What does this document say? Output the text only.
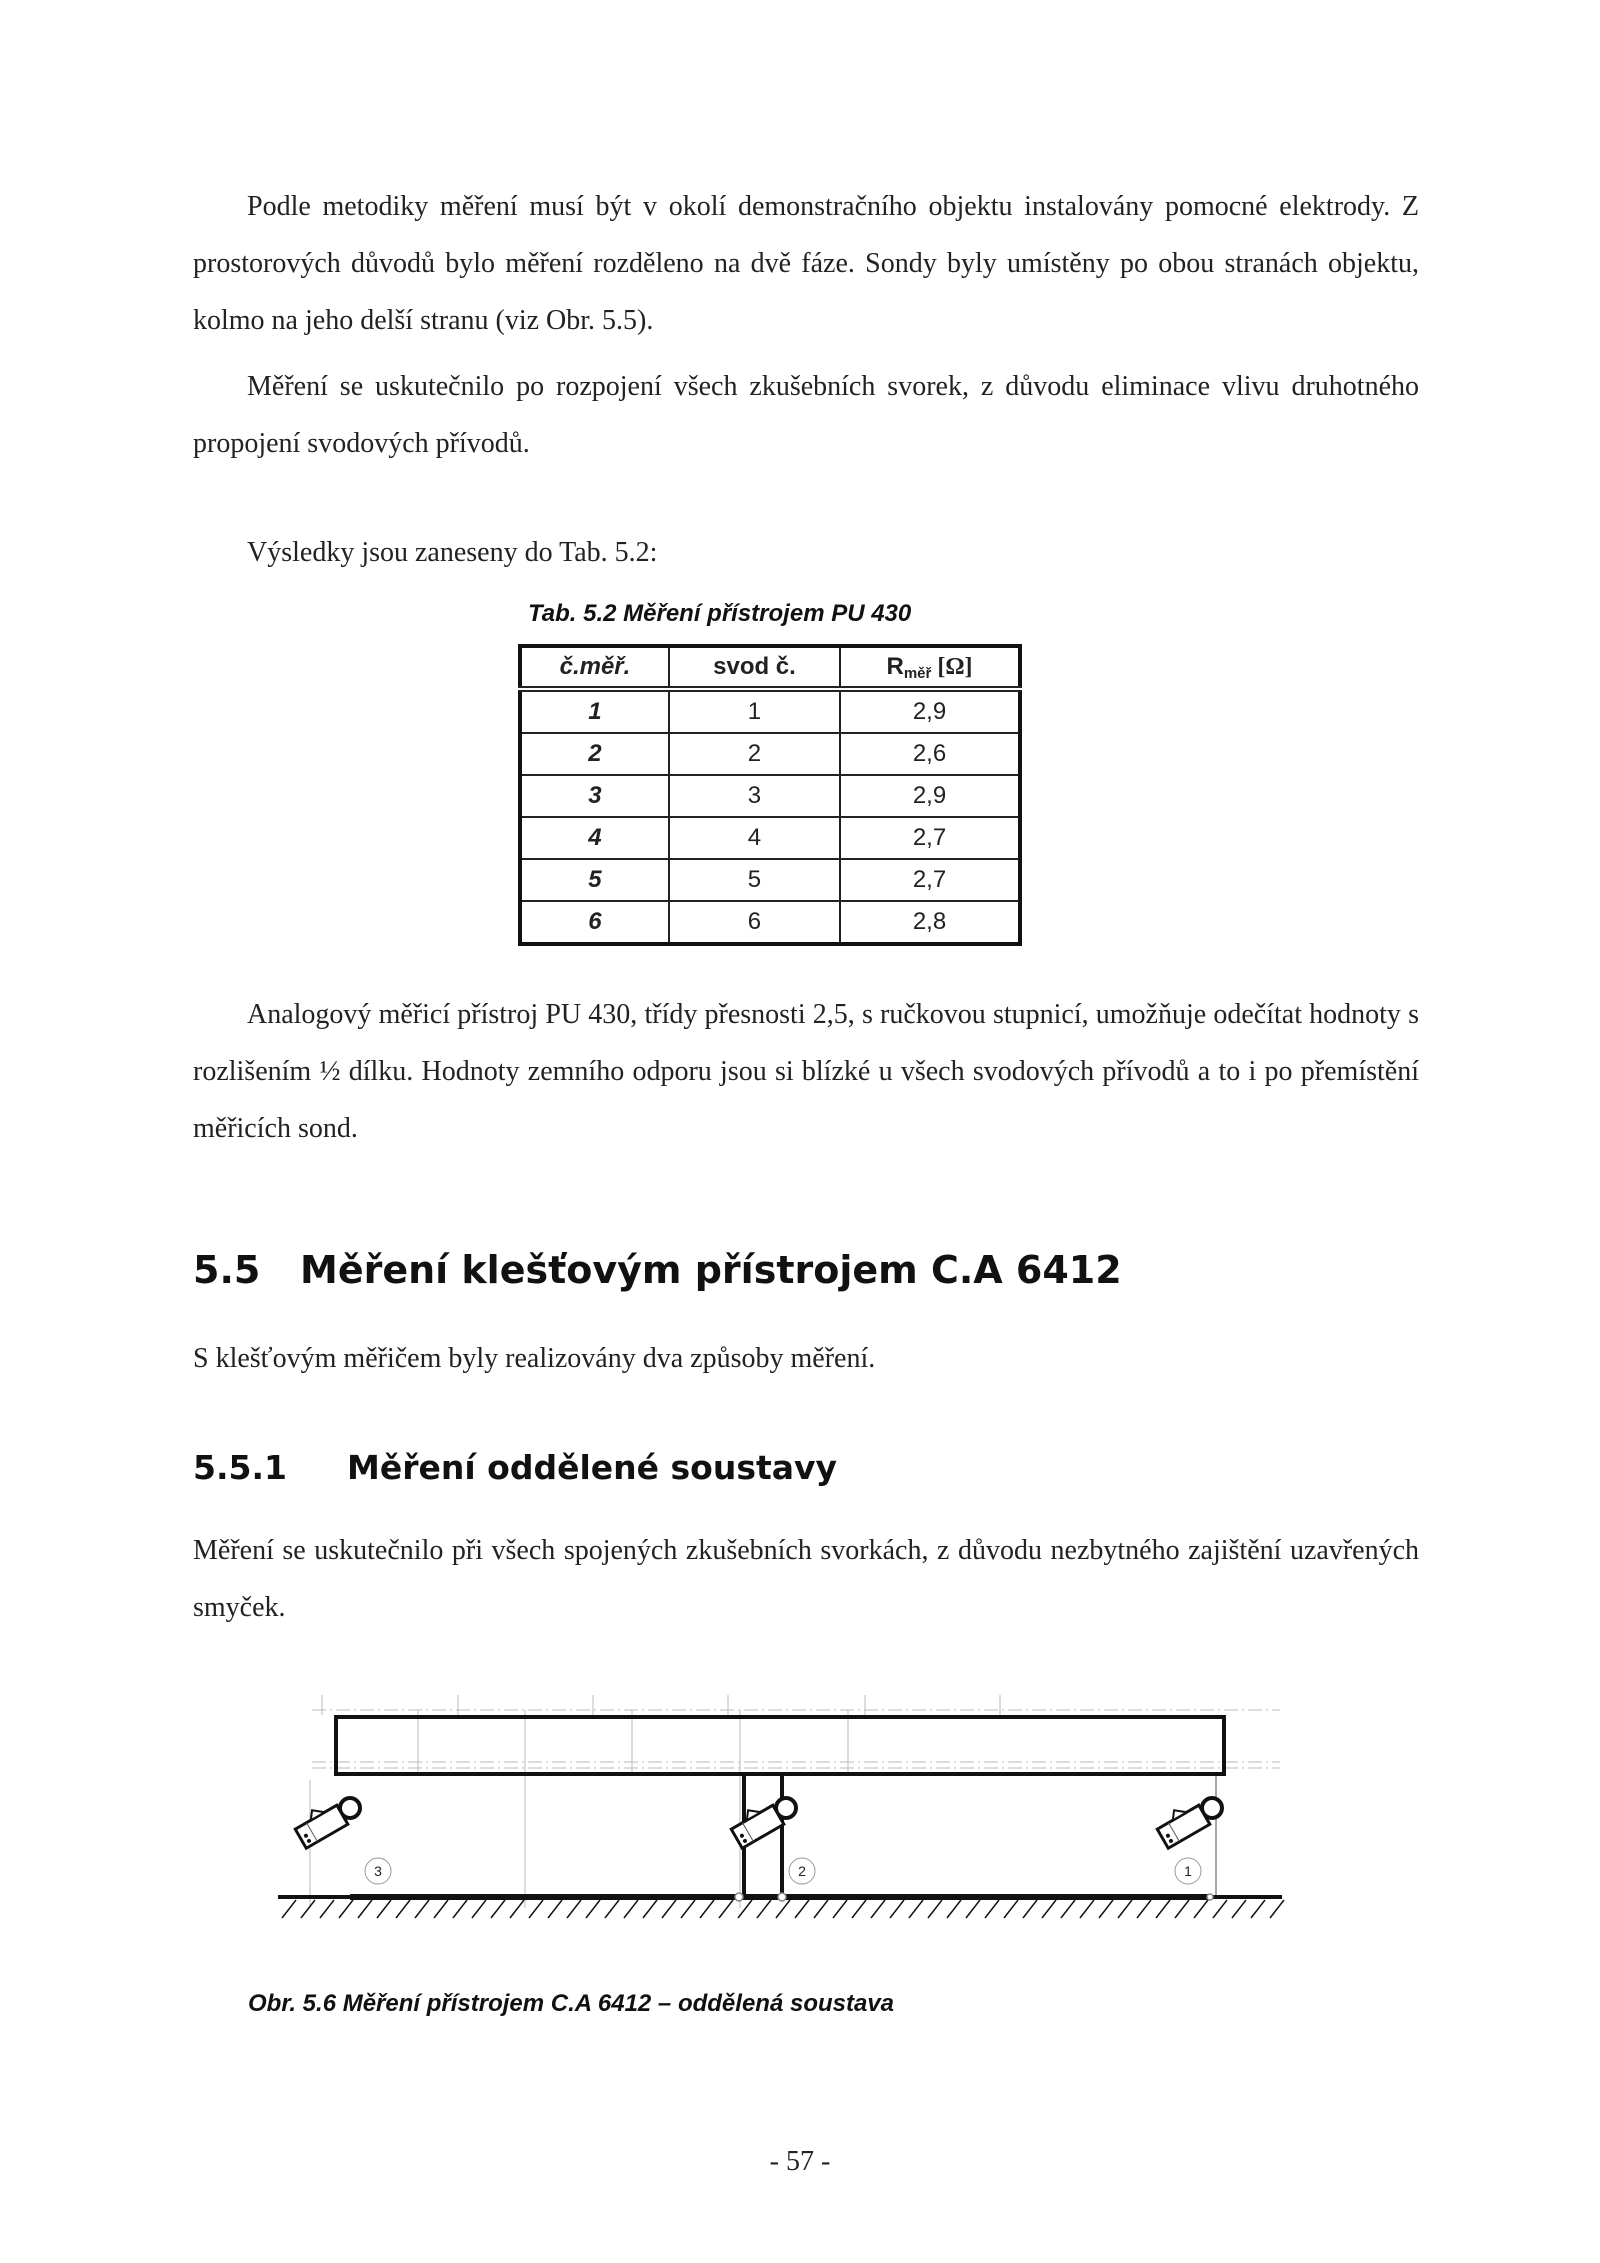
Podle metodiky měření musí být v okolí demonstračního objektu instalovány pomocné elektrody. Z prostorových důvodů bylo měření rozděleno na dvě fáze. Sondy byly umístěny po obou stranách objektu, kolmo na jeho delší stranu (viz Obr. 5.5).

Měření se uskutečnilo po rozpojení všech zkušebních svorek, z důvodu eliminace vlivu druhotného propojení svodových přívodů.

Výsledky jsou zaneseny do Tab. 5.2:

Tab. 5.2 Měření přístrojem PU 430
č.měř.	svod č.	$R_{měř}$ [Ω]
1	1	2,9
2	2	2,6
3	3	2,9
4	4	2,7
5	5	2,7
6	6	2,8

Analogový měřicí přístroj PU 430, třídy přesnosti 2,5, s ručkovou stupnicí, umožňuje odečítat hodnoty s rozlišením ½ dílku. Hodnoty zemního odporu jsou si blízké u všech svodových přívodů a to i po přemístění měřicích sond.

5.5 Měření klešťovým přístrojem C.A 6412

S klešťovým měřičem byly realizovány dva způsoby měření.

5.5.1 Měření oddělené soustavy

Měření se uskutečnilo při všech spojených zkušebních svorkách, z důvodu nezbytného zajištění uzavřených smyček.

3	2	1
Obr. 5.6 Měření přístrojem C.A 6412 – oddělená soustava
- 57 -
